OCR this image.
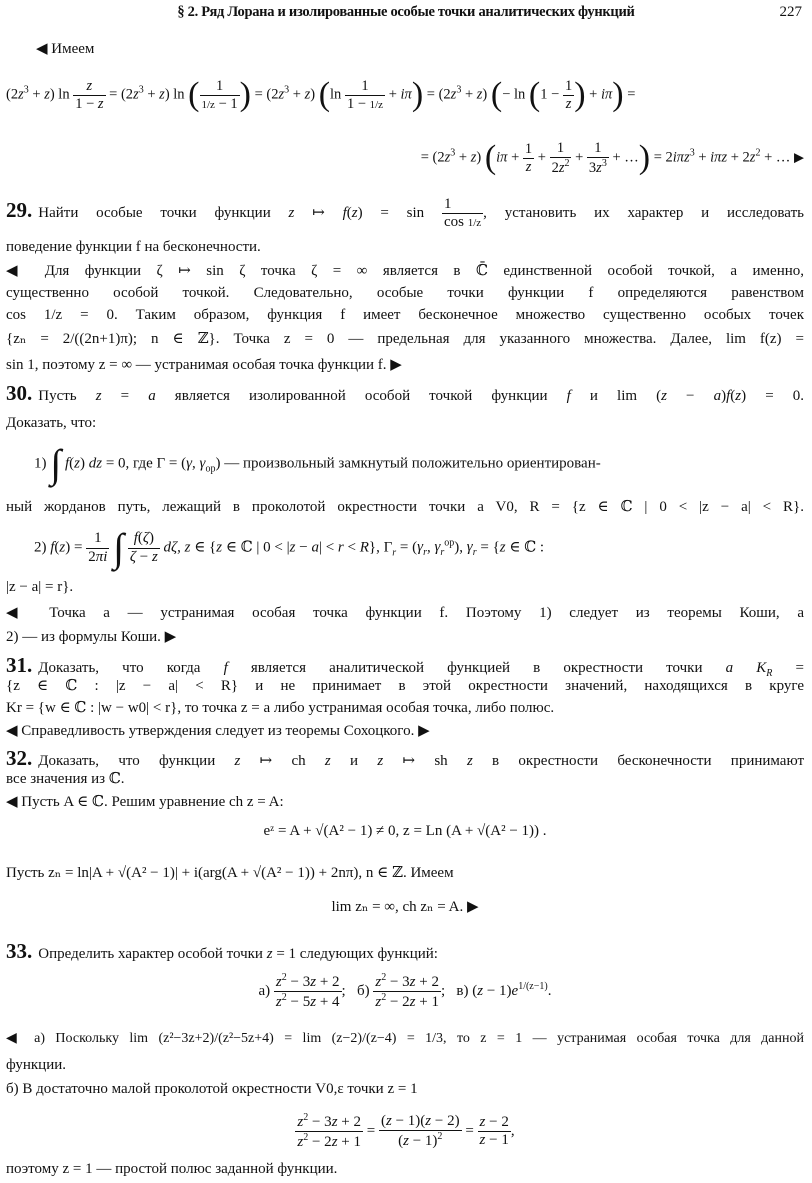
§ 2. Ряд Лорана и изолированные особые точки аналитических функций	227
◀ Имеем
$(2z^3 + z)$ $\ln \frac{z}{1 - z} = (2z^3 + z)$ ln ( $\frac{1}{1/z - 1}$ ) = $(2z^3 + z)$ $(\ln \frac{1}{1 - 1/z} + i\pi) = (2z^3 + z)$ (− $\ln (1 - \frac{1}{z}$ ) + iπ) =
= $(2z^3 + z) (i\pi + \frac{1}{z} + \frac{1}{2z^2} + \frac{1}{3z^3}$ + …) = $2i\pi z^3 + i\pi z + 2z^2$ + … ▶
29. Найти особые точки функции z ↦ $f(z) = \sin \frac{1}{\cos 1/z}$ , установить их характер и исследовать
поведение функции f на бесконечности.
◀ Для функции ζ ↦ sin ζ точка ζ = ∞ является в ℂ̄ единственной особой точкой, а именно,
существенно особой точкой. Следовательно, особые точки функции f определяются равенством
cos 1/z = 0. Таким образом, функция f имеет бесконечное множество существенно особых точек
{zₙ = 2/((2n+1)π); n ∈ ℤ}. Точка z = 0 — предельная для указанного множества. Далее, lim f(z) =
sin 1, поэтому z = ∞ — устранимая особая точка функции f. ▶
30. Пусть z = a является изолированной особой точкой функции f и lim (z − a)f(z) = 0.
Доказать, что:
1) ∫ f(z) dz = 0, где Γ = (γ, $\gamma_{op}$) — произвольный замкнутый положительно ориентирован-
ный жорданов путь, лежащий в проколотой окрестности точки a V0, R = {z ∈ ℂ | 0 < |z − a| < R}.
2) $f(z) = \frac{1}{2\pi i}$ ∫ $\frac{f(\zeta)}{\zeta - z} d\zeta$, z ∈ {z ∈ ℂ | 0 < |z − a| < r < R}, $\Gamma_r = (\gamma_r$, $\gamma_r^{op}$), $\gamma_r = \{z$ ∈ ℂ :
|z − a| = r}.
◀ Точка a — устранимая особая точка функции f. Поэтому 1) следует из теоремы Коши, а
2) — из формулы Коши. ▶
31. Доказать, что когда f является аналитической функцией в окрестности точки a $K_R$ =
{z ∈ ℂ : |z − a| < R} и не принимает в этой окрестности значений, находящихся в круге
Kr = {w ∈ ℂ : |w − w0| < r}, то точка z = a либо устранимая особая точка, либо полюс.
◀ Справедливость утверждения следует из теоремы Сохоцкого. ▶
32. Доказать, что функции z ↦ ch z и z ↦ sh z в окрестности бесконечности принимают
все значения из ℂ.
◀ Пусть A ∈ ℂ. Решим уравнение ch z = A:
eᶻ = A + √(A² − 1) ≠ 0, z = Ln (A + √(A² − 1)) .
Пусть zₙ = ln|A + √(A² − 1)| + i(arg(A + √(A² − 1)) + 2nπ), n ∈ ℤ. Имеем
lim zₙ = ∞, ch zₙ = A. ▶
33. Определить характер особой точки z = 1 следующих функций:
$а) \frac{z^2 - 3z + 2}{z^2 - 5z + 4}$ ;   $б) \frac{z^2 - 3z + 2}{z^2 - 2z + 1}$ ;   в) $(z - 1)e^{1/(z-1)}$.
◀ а) Поскольку lim (z²−3z+2)/(z²−5z+4) = lim (z−2)/(z−4) = 1/3, то z = 1 — устранимая особая точка для данной
функции.
б) В достаточно малой проколотой окрестности V0,ε точки z = 1
$\frac{z^2 - 3z + 2}{z^2 - 2z + 1} = \frac{(z - 1)(z - 2)}{(z - 1)^2} = \frac{z - 2}{z - 1}$ ,
поэтому z = 1 — простой полюс заданной функции.
